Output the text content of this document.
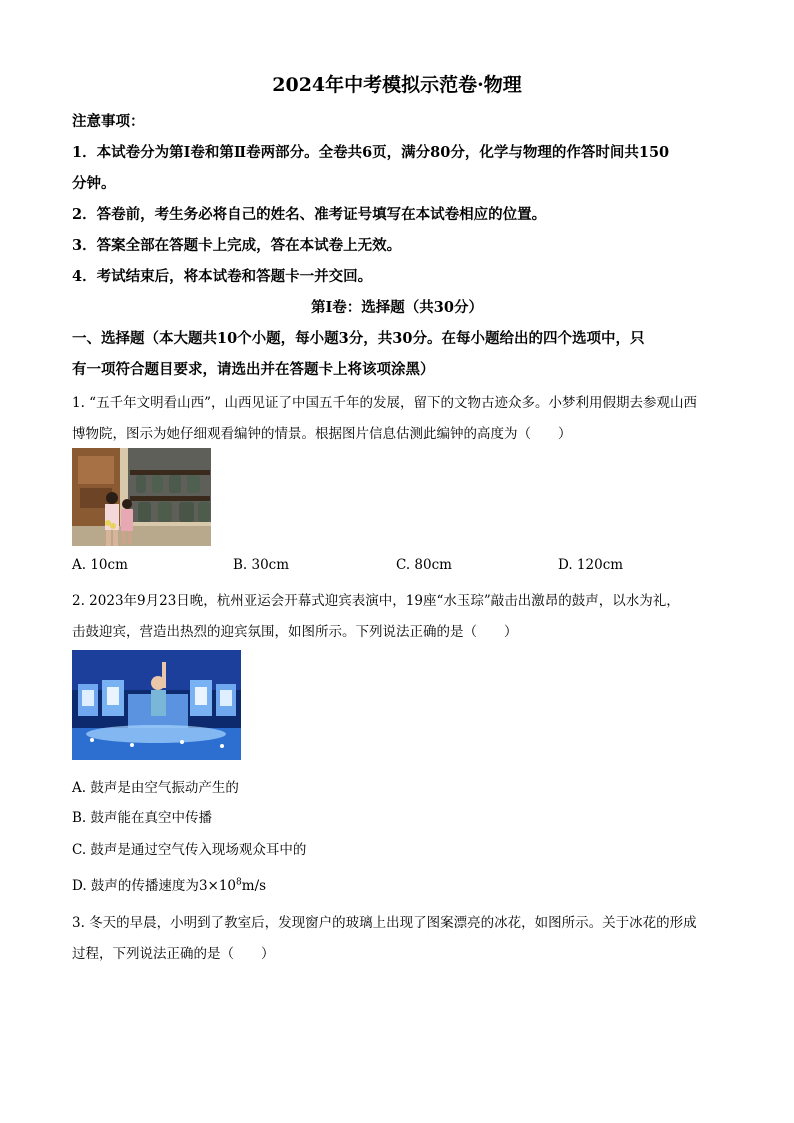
2024年中考模拟示范卷·物理
注意事项：
1．本试卷分为第Ⅰ卷和第Ⅱ卷两部分。全卷共6页，满分80分，化学与物理的作答时间共150
分钟。
2．答卷前，考生务必将自己的姓名、准考证号填写在本试卷相应的位置。
3．答案全部在答题卡上完成，答在本试卷上无效。
4．考试结束后，将本试卷和答题卡一并交回。
第Ⅰ卷：选择题（共30分）
一、选择题（本大题共10个小题，每小题3分，共30分。在每小题给出的四个选项中，只
有一项符合题目要求，请选出并在答题卡上将该项涂黑）
1. “五千年文明看山西”，山西见证了中国五千年的发展，留下的文物古迹众多。小梦利用假期去参观山西
博物院，图示为她仔细观看编钟的情景。根据图片信息估测此编钟的高度为（　　）
A. 10cm	B. 30cm	C. 80cm	D. 120cm
2. 2023年9月23日晚，杭州亚运会开幕式迎宾表演中，19座“水玉琮”敲击出激昂的鼓声，以水为礼，
击鼓迎宾，营造出热烈的迎宾氛围，如图所示。下列说法正确的是（　　）
A. 鼓声是由空气振动产生的
B. 鼓声能在真空中传播
C. 鼓声是通过空气传入现场观众耳中的
D. 鼓声的传播速度为$3\times 10^8m/s$
3. 冬天的早晨，小明到了教室后，发现窗户的玻璃上出现了图案漂亮的冰花，如图所示。关于冰花的形成
过程，下列说法正确的是（　　）
